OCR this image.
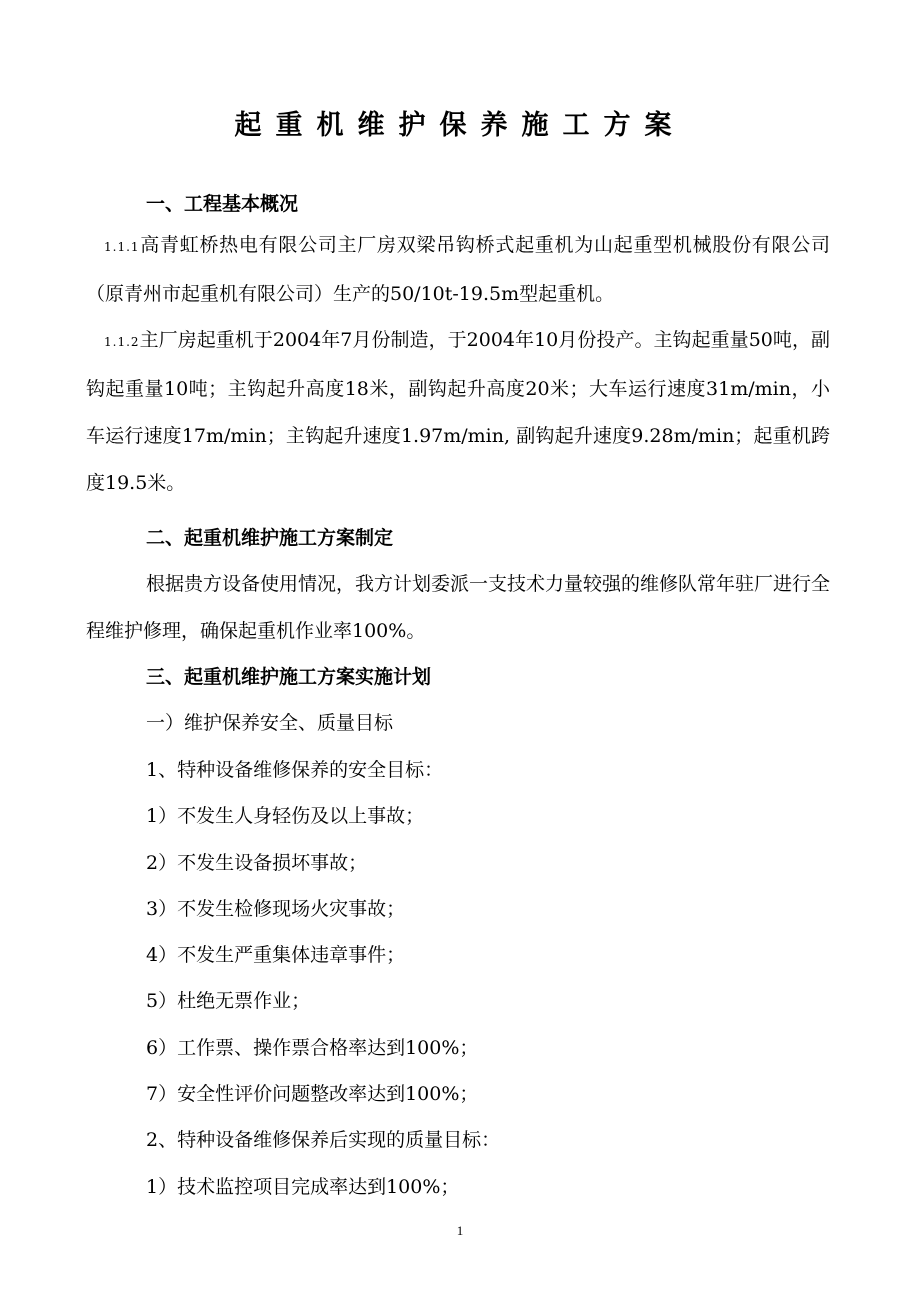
起重机维护保养施工方案
一、工程基本概况
1.1.1高青虹桥热电有限公司主厂房双梁吊钩桥式起重机为山起重型机械股份有限公司（原青州市起重机有限公司）生产的50/10t-19.5m型起重机。
1.1.2主厂房起重机于2004年7月份制造，于2004年10月份投产。主钩起重量50吨，副钩起重量10吨；主钩起升高度18米，副钩起升高度20米；大车运行速度31m/min，小车运行速度17m/min；主钩起升速度1.97m/min, 副钩起升速度9.28m/min；起重机跨度19.5米。
二、起重机维护施工方案制定
根据贵方设备使用情况，我方计划委派一支技术力量较强的维修队常年驻厂进行全程维护修理，确保起重机作业率100%。
三、起重机维护施工方案实施计划
一）维护保养安全、质量目标
1、特种设备维修保养的安全目标：
1）不发生人身轻伤及以上事故；
2）不发生设备损坏事故；
3）不发生检修现场火灾事故；
4）不发生严重集体违章事件；
5）杜绝无票作业；
6）工作票、操作票合格率达到100%；
7）安全性评价问题整改率达到100%；
2、特种设备维修保养后实现的质量目标：
1）技术监控项目完成率达到100%；
1
